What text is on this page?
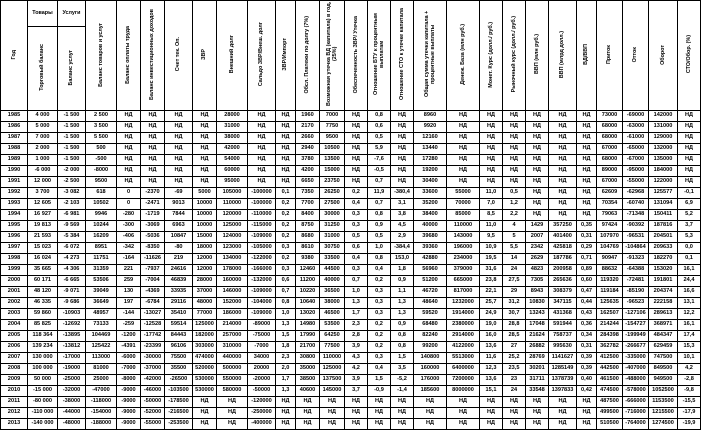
Год	Товары	Услуги	Баланс товаров и услуг	Баланс оплаты труда	Баланс инвестиционных доходов	Счет тек. Оп.	ЗВР	Внешний долг	Сальдо ЗВР/Внеш. долг	ЗВР/Импорт	Обсл. Платежи по долгу (7%)	Возможная утечка ВД (капитала) в год, (25%)	Обеспеченность ЗВР/ Утечка	Отношение БТУ к процентным выплатам	Отношение СТО к утечке капитала	Общая сумма утечки капитала + процентные выплаты	Денеж. База (млн руб.)	Монет. Курс (долл./ руб.)	Рыночный курс (долл./ руб.)	ВВП (млн руб.)	ВВП (млрд долл.)	ВД/ВВП	Приток	Отток	Оборот	СТО/Обор. (%)
	Торговый баланс	Баланс услуг																								
1985	4 000	-1 500	2 500	НД	НД	НД	НД	28000	НД	НД	1960	7000	НД	0,8	НД	8960	НД	НД	НД	НД	НД	НД	73000	-69000	142000	НД
1986	5 000	-1 500	3 500	НД	НД	НД	НД	31000	НД	НД	2170	7750	НД	0,6	НД	9920	НД	НД	НД	НД	НД	НД	68000	-63000	131000	НД
1987	7 000	-1 500	5 500	НД	НД	НД	НД	38000	НД	НД	2660	9500	НД	0,5	НД	12160	НД	НД	НД	НД	НД	НД	68000	-61000	129000	НД
1988	2 000	-1 500	500	НД	НД	НД	НД	42000	НД	НД	2940	10500	НД	5,9	НД	13440	НД	НД	НД	НД	НД	НД	67000	-65000	132000	НД
1989	1 000	-1 500	-500	НД	НД	НД	НД	54000	НД	НД	3780	13500	НД	-7,6	НД	17280	НД	НД	НД	НД	НД	НД	68000	-67000	135000	НД
1990	-6 000	-2 000	-8000	НД	НД	НД	НД	60000	НД	НД	4200	15000	НД	-0,5	НД	19200	НД	НД	НД	НД	НД	НД	89000	-95000	184000	НД
1991	12 000	-2 500	9500	НД	НД	НД	НД	95000	НД	НД	6650	23750	НД	0,7	НД	30400	НД	НД	НД	НД	НД	НД	67000	-55000	122000	НД
1992	3 700	-3 082	618	0	-2370	-69	5000	105000	-100000	0,1	7350	26250	0,2	11,9	-380,4	33600	55000	11,0	0,5	НД	НД	НД	62609	-62968	125577	-0,1
1993	12 605	-2 103	10502	0	-2471	9013	10000	110000	-100000	0,2	7700	27500	0,4	0,7	3,1	35200	70000	7,0	1,2	НД	НД	НД	70354	-60740	131094	6,9
1994	16 927	-6 981	9946	-280	-1719	7844	10000	120000	-110000	0,2	8400	30000	0,3	0,8	3,8	38400	85000	8,5	2,2	НД	НД	НД	79063	-71348	150411	5,2
1995	19 813	-9 569	10244	-300	-3069	6963	10000	125000	-115000	0,2	8750	31250	0,3	0,9	4,5	40000	110000	11,0	4	1429	357250	0,35	97424	-90392	187816	3,7
1996	21 593	-5 384	16209	-406	-5036	10847	15000	124000	-109000	0,2	8680	31000	0,5	0,5	2,9	39680	143000	9,5	5	2007	401400	0,31	107970	-96531	204501	5,3
1997	15 023	-6 072	8951	-342	-8350	-80	18000	123000	-105000	0,3	8610	30750	0,6	1,0	-384,4	39360	196000	10,9	5,5	2342	425818	0,29	104769	-104864	209633	0,0
1998	16 024	-4 273	11751	-164	-11626	219	12000	134000	-122000	0,2	9380	33500	0,4	0,8	153,0	42880	234000	19,5	14	2629	187786	0,71	90947	-91323	182270	0,1
1999	35 665	-4 306	31359	221	-7937	24616	12000	178000	-166000	0,3	12460	44500	0,3	0,4	1,8	56960	379000	31,6	24	4823	200958	0,89	88632	-64388	153020	16,1
2000	60 171	-6 665	53506	259	-7004	46839	28000	160000	-132000	0,6	11200	40000	0,7	0,2	0,9	51200	665000	23,8	27,5	7305	265636	0,60	119320	-72481	191801	24,4
2001	48 120	-9 071	39049	130	-4369	33935	37000	146000	-109000	0,7	10220	36500	1,0	0,3	1,1	46720	817000	22,1	29	8943	308379	0,47	119184	-85190	204374	16,6
2002	46 335	-9 686	36649	197	-6784	29116	48000	152000	-104000	0,8	10640	38000	1,3	0,3	1,3	48640	1232000	25,7	31,2	10830	347115	0,44	125635	-96523	222158	13,1
2003	59 860	-10903	48957	-144	-13027	35410	77000	186000	-109000	1,0	13020	46500	1,7	0,3	1,3	59520	1914000	24,9	30,7	13243	431368	0,43	162507	-127106	289613	12,2
2004	85 825	-12692	73133	-259	-12528	59514	125000	214000	-89000	1,3	14980	53500	2,3	0,2	0,9	68480	2380000	19,0	28,8	17048	591944	0,36	214244	-154727	368971	16,1
2005	118 364	-13895	104469	-1200	-17742	84443	182000	257000	-75000	1,5	17990	64250	2,8	0,2	0,8	82240	2914000	16,0	28,5	21624	758737	0,34	284398	-199949	484347	17,4
2006	139 234	-13812	125422	-4391	-23399	96106	303000	310000	-7000	1,8	21700	77500	3,9	0,2	0,8	99200	4122000	13,6	27	26882	995630	0,31	362782	-266677	629459	15,3
2007	130 000	-17000	113000	-6000	-30000	75500	474000	440000	34000	2,3	30800	110000	4,3	0,3	1,5	140800	5513000	11,6	25,2	28769	1141627	0,39	412500	-335000	747500	10,1
2008	100 000	-19000	81000	-7000	-37000	35500	520000	500000	20000	2,0	35000	125000	4,2	0,4	3,5	160000	6400000	12,3	23,5	30201	1285149	0,39	442500	-407000	849500	4,2
2009	50 000	-25000	25000	-8000	-42000	-26500	530000	550000	-20000	1,7	38500	137500	3,9	1,5	-5,2	176000	7200000	13,6	23	31711	1378739	0,40	461500	-488000	949500	-2,8
2010	-15 000	-32000	-47000	-9000	-46000	-103500	530000	580000	-50000	1,3	40600	145000	3,7	-0,9	-1,4	185600	8000000	15,1	24	33548	1397833	0,42	474500	-578000	1052500	-9,8
2011	-80 000	-38000	-118000	-9000	-50000	-178500	НД	НД	-120000	НД	НД	НД	НД	НД	НД	НД	НД	НД	НД	НД	НД	НД	487500	-666000	1153500	-15,5
2012	-110 000	-44000	-154000	-9000	-52000	-216500	НД	НД	-250000	НД	НД	НД	НД	НД	НД	НД	НД	НД	НД	НД	НД	НД	499500	-716000	1215500	-17,9
2013	-140 000	-48000	-188000	-9000	-55000	-253500	НД	НД	-400000	НД	НД	НД	НД	НД	НД	НД	НД	НД	НД	НД	НД	НД	510500	-764000	1274500	-19,9
